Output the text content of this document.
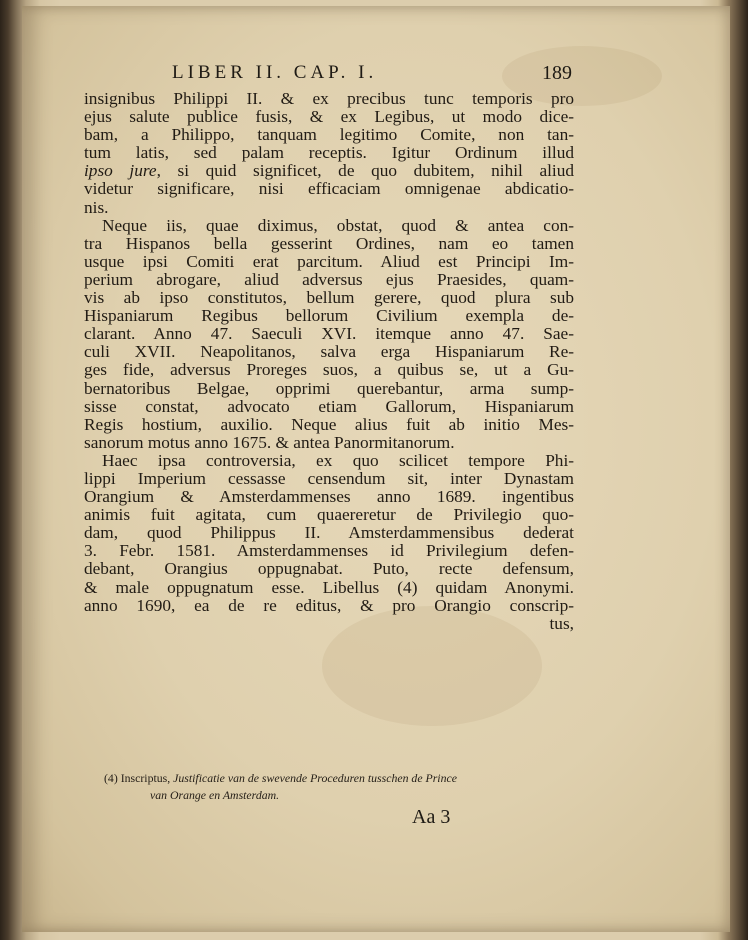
LIBER II. CAP. I.	189
insignibus Philippi II. & ex precibus tunc temporis pro
ejus salute publice fusis, & ex Legibus, ut modo dice-
bam, a Philippo, tanquam legitimo Comite, non tan-
tum latis, sed palam receptis. Igitur Ordinum illud
ipso jure, si quid significet, de quo dubitem, nihil aliud
videtur significare, nisi efficaciam omnigenae abdicatio-
nis.
Neque iis, quae diximus, obstat, quod & antea con-
tra Hispanos bella gesserint Ordines, nam eo tamen
usque ipsi Comiti erat parcitum. Aliud est Principi Im-
perium abrogare, aliud adversus ejus Praesides, quam-
vis ab ipso constitutos, bellum gerere, quod plura sub
Hispaniarum Regibus bellorum Civilium exempla de-
clarant. Anno 47. Saeculi XVI. itemque anno 47. Sae-
culi XVII. Neapolitanos, salva erga Hispaniarum Re-
ges fide, adversus Proreges suos, a quibus se, ut a Gu-
bernatoribus Belgae, opprimi querebantur, arma sump-
sisse constat, advocato etiam Gallorum, Hispaniarum
Regis hostium, auxilio. Neque alius fuit ab initio Mes-
sanorum motus anno 1675. & antea Panormitanorum.
Haec ipsa controversia, ex quo scilicet tempore Phi-
lippi Imperium cessasse censendum sit, inter Dynastam
Orangium & Amsterdammenses anno 1689. ingentibus
animis fuit agitata, cum quaereretur de Privilegio quo-
dam, quod Philippus II. Amsterdammensibus dederat
3. Febr. 1581. Amsterdammenses id Privilegium defen-
debant, Orangius oppugnabat. Puto, recte defensum,
& male oppugnatum esse. Libellus (4) quidam Anonymi.
anno 1690, ea de re editus, & pro Orangio conscrip-
tus,
(4) Inscriptus, Justificatie van de swevende Proceduren tusschen de Prince
van Orange en Amsterdam.
Aa 3
